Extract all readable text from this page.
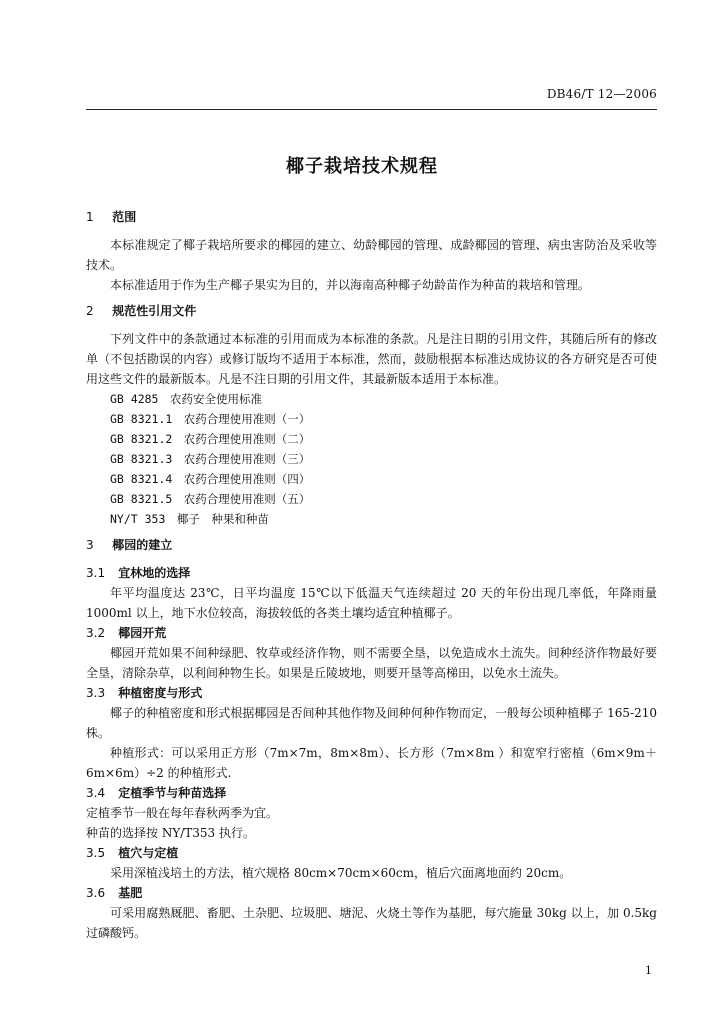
DB46/T 12—2006
椰子栽培技术规程
1 范围

本标准规定了椰子栽培所要求的椰园的建立、幼龄椰园的管理、成龄椰园的管理、病虫害防治及采收等技术。

本标准适用于作为生产椰子果实为目的，并以海南高种椰子幼龄苗作为种苗的栽培和管理。

2 规范性引用文件

下列文件中的条款通过本标准的引用而成为本标准的条款。凡是注日期的引用文件，其随后所有的修改单（不包括勘误的内容）或修订版均不适用于本标准，然而，鼓励根据本标准达成协议的各方研究是否可使用这些文件的最新版本。凡是不注日期的引用文件，其最新版本适用于本标准。

GB 4285　农药安全使用标准

GB 8321.1　农药合理使用准则（一）

GB 8321.2　农药合理使用准则（二）

GB 8321.3　农药合理使用准则（三）

GB 8321.4　农药合理使用准则（四）

GB 8321.5　农药合理使用准则（五）

NY/T 353　椰子　种果和种苗

3 椰园的建立
3.1 宜林地的选择

年平均温度达 23℃，日平均温度 15℃以下低温天气连续超过 20 天的年份出现几率低，年降雨量 1000ml 以上，地下水位较高，海拔较低的各类土壤均适宜种植椰子。

3.2 椰园开荒

椰园开荒如果不间种绿肥、牧草或经济作物，则不需要全垦，以免造成水土流失。间种经济作物最好要全垦，清除杂草，以利间种物生长。如果是丘陵坡地，则要开垦等高梯田，以免水土流失。

3.3 种植密度与形式

椰子的种植密度和形式根据椰园是否间种其他作物及间种何种作物而定，一般每公顷种植椰子 165-210 株。

种植形式：可以采用正方形（7m×7m，8m×8m）、长方形（7m×8m ）和宽窄行密植（6m×9m＋6m×6m）÷2 的种植形式.

3.4 定植季节与种苗选择

定植季节一般在每年春秋两季为宜。

种苗的选择按 NY/T353 执行。

3.5 植穴与定植

采用深植浅培土的方法，植穴规格 80cm×70cm×60cm，植后穴面离地面约 20cm。

3.6 基肥

可采用腐熟厩肥、畜肥、土杂肥、垃圾肥、塘泥、火烧土等作为基肥，每穴施量 30kg 以上，加 0.5kg 过磷酸钙。

1
